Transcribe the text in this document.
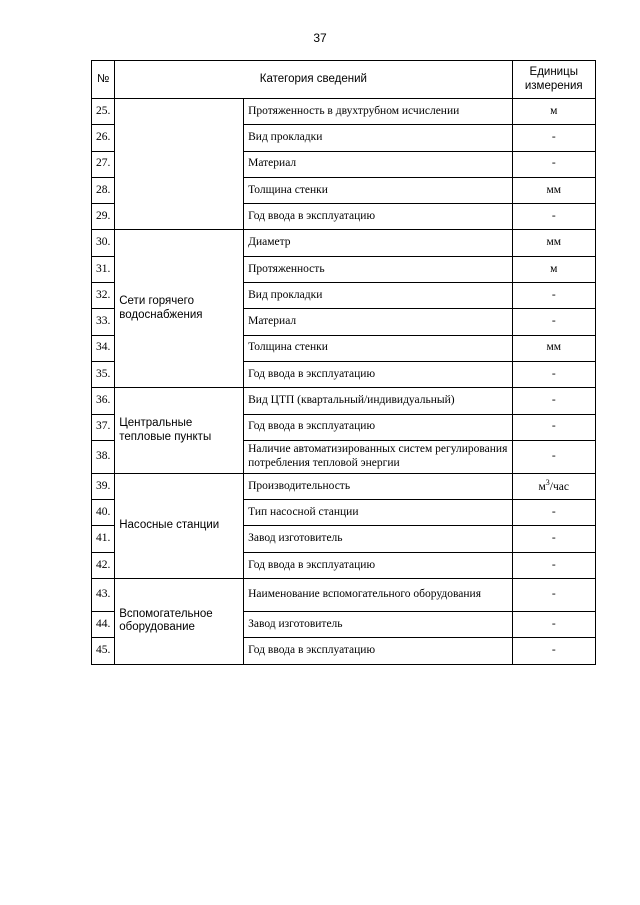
37
№	Категория сведений		Единицы измерения
25.		Протяженность в двухтрубном исчислении	м
26.		Вид прокладки	-
27.		Материал	-
28.		Толщина стенки	мм
29.		Год ввода в эксплуатацию	-
30.	Сети горячего водоснабжения	Диаметр	мм
31.		Протяженность	м
32.		Вид прокладки	-
33.		Материал	-
34.		Толщина стенки	мм
35.		Год ввода в эксплуатацию	-
36.	Центральные тепловые пункты	Вид ЦТП (квартальный/индивидуальный)	-
37.		Год ввода в эксплуатацию	-
38.		Наличие автоматизированных систем регулирования потребления тепловой энергии	-
39.	Насосные станции	Производительность	$м^3$/час
40.		Тип насосной станции	-
41.		Завод изготовитель	-
42.		Год ввода в эксплуатацию	-
43.	Вспомогательное оборудование	Наименование вспомогательного оборудования	-
44.		Завод изготовитель	-
45.		Год ввода в эксплуатацию	-
